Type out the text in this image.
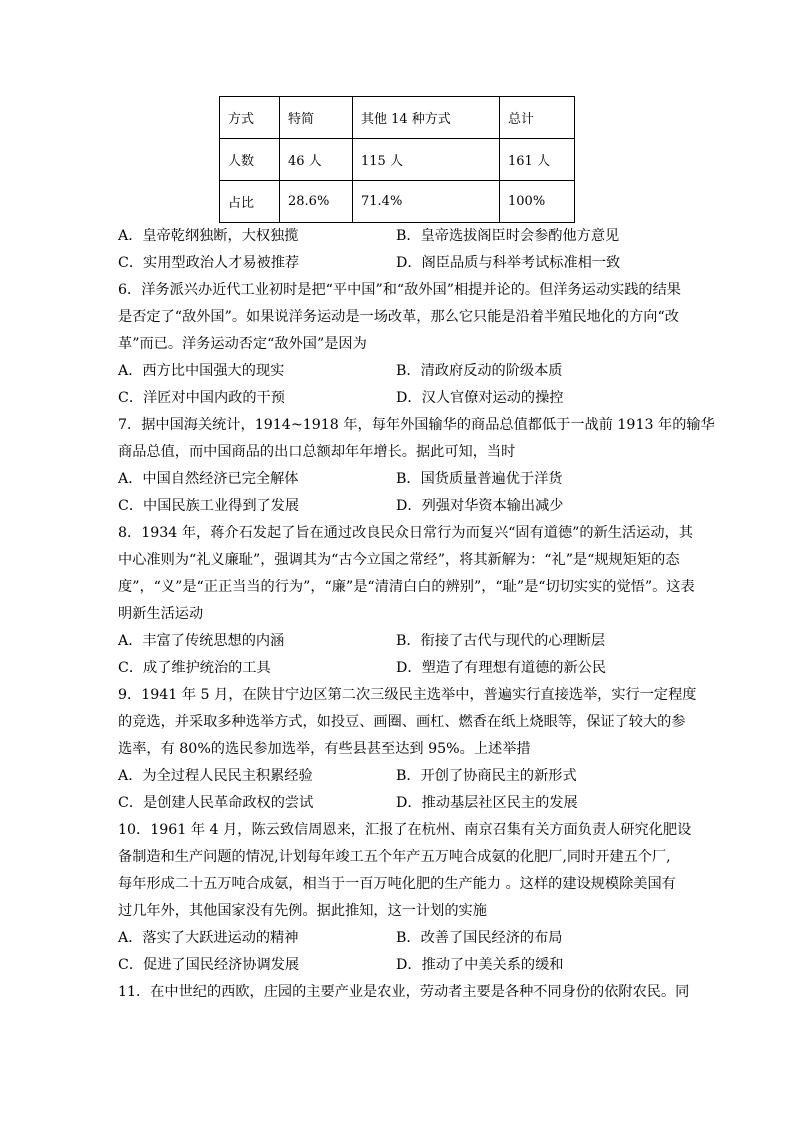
方式	特简	其他 14 种方式	总计
人数	46 人	115 人	161 人
占比	28.6%	71.4%	100%
A．皇帝乾纲独断，大权独揽	B．皇帝选拔阁臣时会参酌他方意见
C．实用型政治人才易被推荐	D．阁臣品质与科举考试标准相一致
6．洋务派兴办近代工业初时是把“平中国”和“敌外国”相提并论的。但洋务运动实践的结果
是否定了“敌外国”。如果说洋务运动是一场改革，那么它只能是沿着半殖民地化的方向“改
革”而已。洋务运动否定“敌外国”是因为
A．西方比中国强大的现实	B．清政府反动的阶级本质
C．洋匠对中国内政的干预	D．汉人官僚对运动的操控
7．据中国海关统计，1914~1918 年，每年外国输华的商品总值都低于一战前 1913 年的输华
商品总值，而中国商品的出口总额却年年增长。据此可知，当时
A．中国自然经济已完全解体	B．国货质量普遍优于洋货
C．中国民族工业得到了发展	D．列强对华资本输出减少
8．1934 年，蒋介石发起了旨在通过改良民众日常行为而复兴“固有道德”的新生活运动，其
中心准则为“礼义廉耻”，强调其为“古今立国之常经”，将其新解为：“礼”是“规规矩矩的态
度”，“义”是“正正当当的行为”，“廉”是“清清白白的辨别”，“耻”是“切切实实的觉悟”。这表
明新生活运动
A．丰富了传统思想的内涵	B．衔接了古代与现代的心理断层
C．成了维护统治的工具	D．塑造了有理想有道德的新公民
9．1941 年 5 月，在陕甘宁边区第二次三级民主选举中，普遍实行直接选举，实行一定程度
的竞选，并采取多种选举方式，如投豆、画圈、画杠、燃香在纸上烧眼等，保证了较大的参
选率，有 80%的选民参加选举，有些县甚至达到 95%。上述举措
A．为全过程人民民主积累经验	B．开创了协商民主的新形式
C．是创建人民革命政权的尝试	D．推动基层社区民主的发展
10．1961 年 4 月，陈云致信周恩来，汇报了在杭州、南京召集有关方面负责人研究化肥设
备制造和生产问题的情况,计划每年竣工五个年产五万吨合成氨的化肥厂,同时开建五个厂,
每年形成二十五万吨合成氨，相当于一百万吨化肥的生产能力 。这样的建设规模除美国有
过几年外，其他国家没有先例。据此推知，这一计划的实施
A．落实了大跃进运动的精神	B．改善了国民经济的布局
C．促进了国民经济协调发展	D．推动了中美关系的缓和
11．在中世纪的西欧，庄园的主要产业是农业，劳动者主要是各种不同身份的依附农民。同
